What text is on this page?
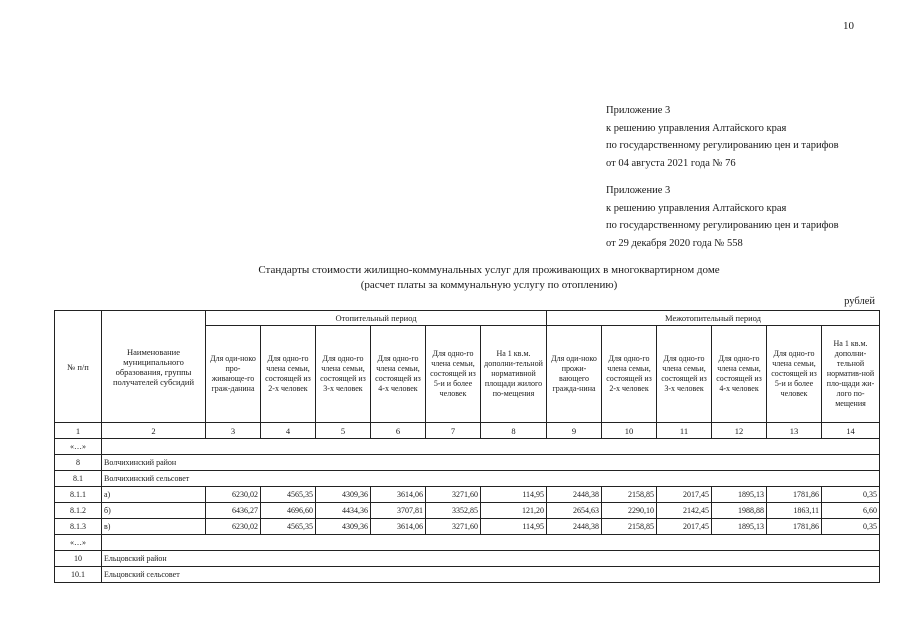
10
Приложение 3
к решению управления Алтайского края
по государственному регулированию цен и тарифов
от 04 августа 2021 года № 76
Приложение 3
к решению управления Алтайского края
по государственному регулированию цен и тарифов
от 29 декабря 2020 года № 558
Стандарты стоимости жилищно-коммунальных услуг для проживающих в многоквартирном доме
(расчет платы за коммунальную услугу по отоплению)
рублей
№ п/п	Наименование муниципального образования, группы получателей субсидий	Отопительный период						Межотопительный период					
		Для оди-ноко про-живающе-го граж-данина	Для одно-го члена семьи, состоящей из 2-х человек	Для одно-го члена семьи, состоящей из 3-х человек	Для одно-го члена семьи, состоящей из 4-х человек	Для одно-го члена семьи, состоящей из 5-и и более человек	На 1 кв.м. дополни-тельной нормативной площади жилого по-мещения	Для оди-ноко прожи-вающего гражда-нина	Для одно-го члена семьи, состоящей из 2-х человек	Для одно-го члена семьи, состоящей из 3-х человек	Для одно-го члена семьи, состоящей из 4-х человек	Для одно-го члена семьи, состоящей из 5-и и более человек	На 1 кв.м. дополни-тельной норматив-ной пло-щади жи-лого по-мещения
1	2	3	4	5	6	7	8	9	10	11	12	13	14
«…»													
8	Волчихинский район												
8.1	Волчихинский сельсовет												
8.1.1	а)	6230,02	4565,35	4309,36	3614,06	3271,60	114,95	2448,38	2158,85	2017,45	1895,13	1781,86	0,35
8.1.2	б)	6436,27	4696,60	4434,36	3707,81	3352,85	121,20	2654,63	2290,10	2142,45	1988,88	1863,11	6,60
8.1.3	в)	6230,02	4565,35	4309,36	3614,06	3271,60	114,95	2448,38	2158,85	2017,45	1895,13	1781,86	0,35
«…»													
10	Ельцовский район												
10.1	Ельцовский сельсовет												
